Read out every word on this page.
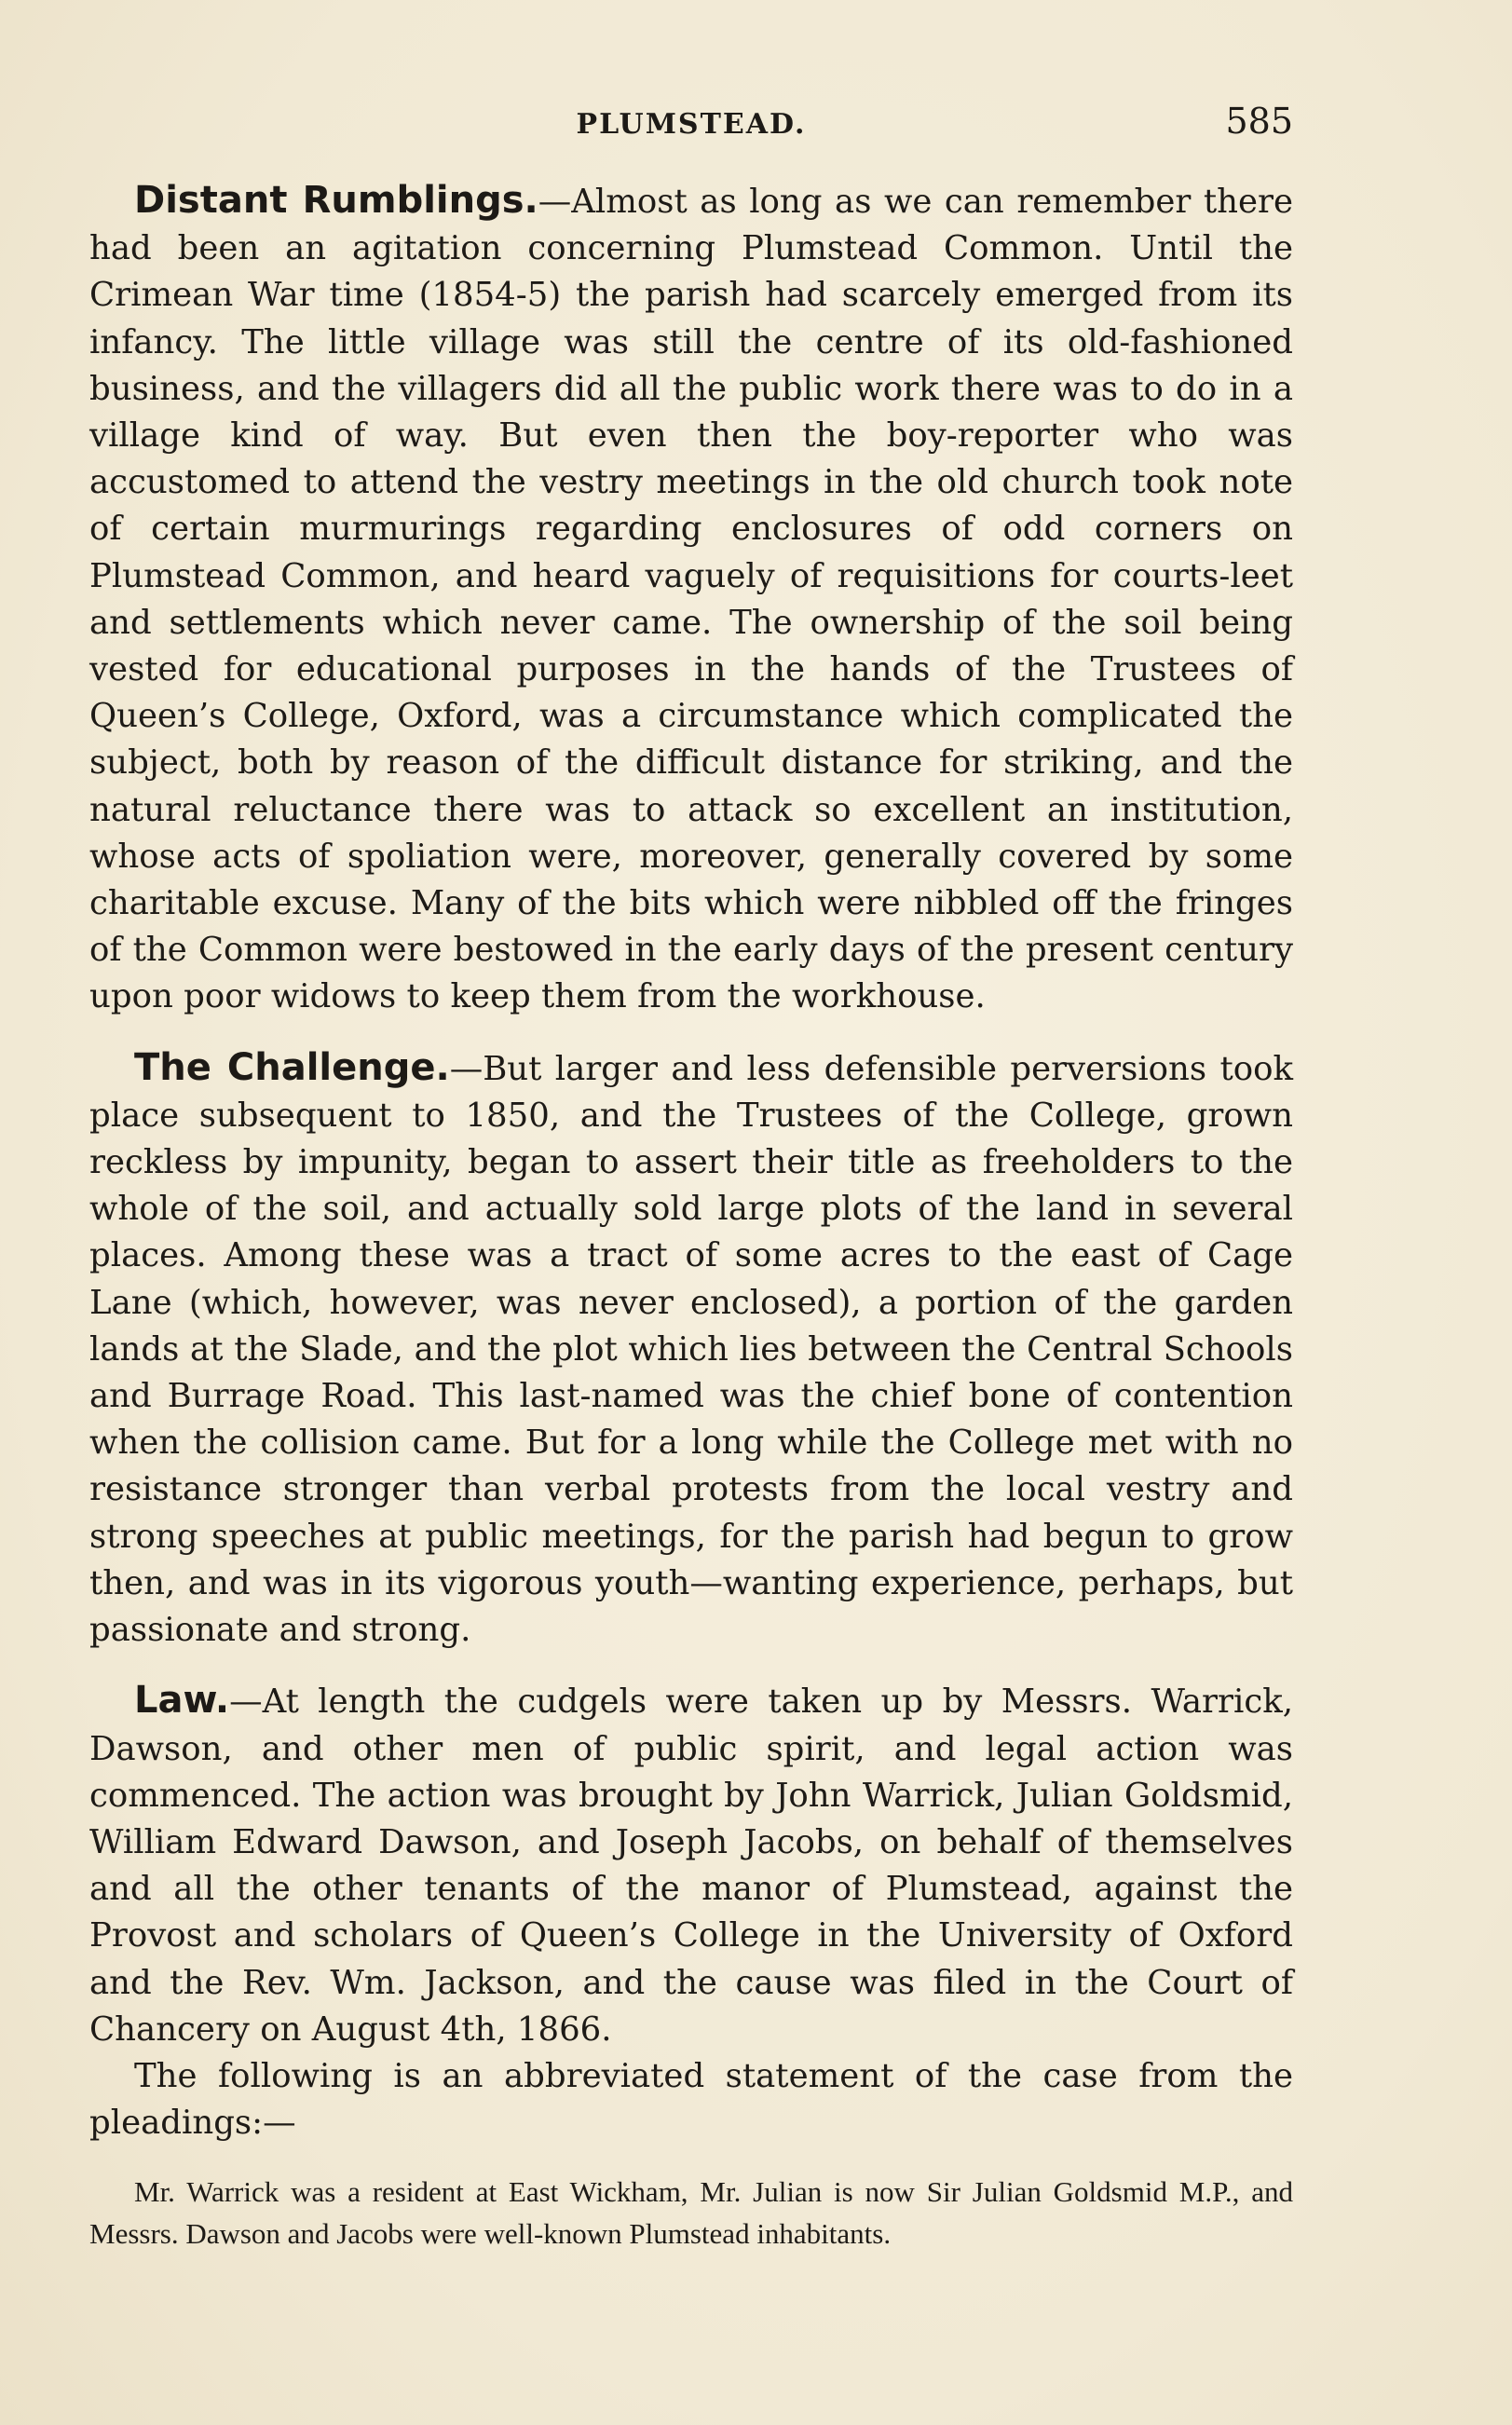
PLUMSTEAD.	585

Distant Rumblings.—Almost as long as we can remember there had been an agitation concerning Plumstead Common. Until the Crimean War time (1854-5) the parish had scarcely emerged from its infancy. The little village was still the centre of its old-fashioned business, and the villagers did all the public work there was to do in a village kind of way. But even then the boy-reporter who was accustomed to attend the vestry meetings in the old church took note of certain murmurings regarding enclosures of odd corners on Plumstead Common, and heard vaguely of requisitions for courts-leet and settlements which never came. The ownership of the soil being vested for educational purposes in the hands of the Trustees of Queen’s College, Oxford, was a circumstance which complicated the subject, both by reason of the difficult distance for striking, and the natural reluctance there was to attack so excellent an institution, whose acts of spoliation were, moreover, generally covered by some charitable excuse. Many of the bits which were nibbled off the fringes of the Common were bestowed in the early days of the present century upon poor widows to keep them from the workhouse.

The Challenge.—But larger and less defensible perversions took place subsequent to 1850, and the Trustees of the College, grown reckless by impunity, began to assert their title as freeholders to the whole of the soil, and actually sold large plots of the land in several places. Among these was a tract of some acres to the east of Cage Lane (which, however, was never enclosed), a portion of the garden lands at the Slade, and the plot which lies between the Central Schools and Burrage Road. This last-named was the chief bone of contention when the collision came. But for a long while the College met with no resistance stronger than verbal protests from the local vestry and strong speeches at public meetings, for the parish had begun to grow then, and was in its vigorous youth—wanting experience, perhaps, but passionate and strong.

Law.—At length the cudgels were taken up by Messrs. Warrick, Dawson, and other men of public spirit, and legal action was commenced. The action was brought by John Warrick, Julian Goldsmid, William Edward Dawson, and Joseph Jacobs, on behalf of themselves and all the other tenants of the manor of Plumstead, against the Provost and scholars of Queen’s College in the University of Oxford and the Rev. Wm. Jackson, and the cause was filed in the Court of Chancery on August 4th, 1866.

The following is an abbreviated statement of the case from the pleadings:—

Mr. Warrick was a resident at East Wickham, Mr. Julian is now Sir Julian Goldsmid M.P., and Messrs. Dawson and Jacobs were well-known Plumstead inhabitants.
